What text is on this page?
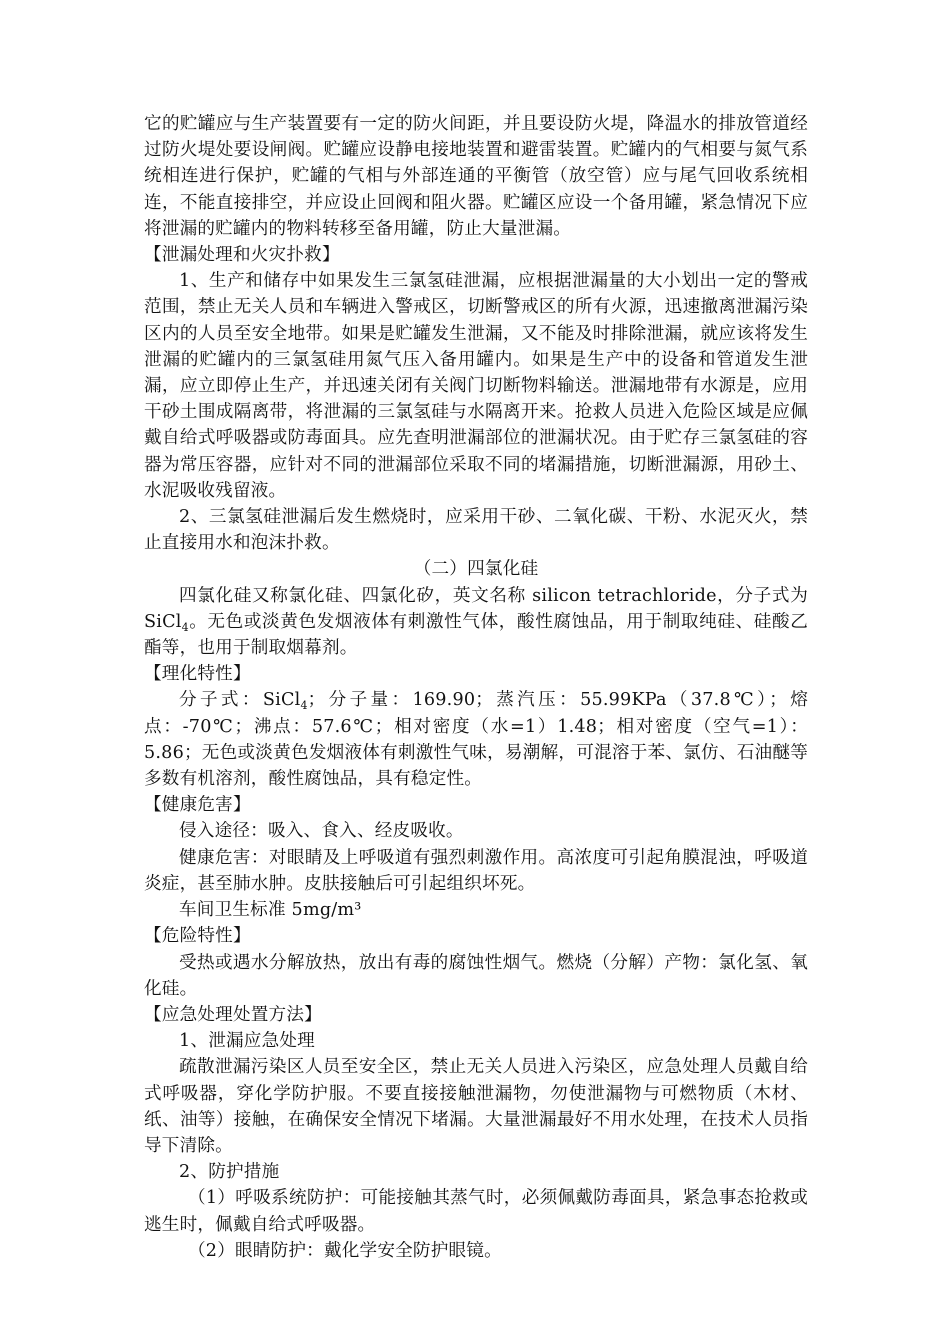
它的贮罐应与生产装置要有一定的防火间距，并且要设防火堤，降温水的排放管道经过防火堤处要设闸阀。贮罐应设静电接地装置和避雷装置。贮罐内的气相要与氮气系统相连进行保护，贮罐的气相与外部连通的平衡管（放空管）应与尾气回收系统相连，不能直接排空，并应设止回阀和阻火器。贮罐区应设一个备用罐，紧急情况下应将泄漏的贮罐内的物料转移至备用罐，防止大量泄漏。

【泄漏处理和火灾扑救】

1、生产和储存中如果发生三氯氢硅泄漏，应根据泄漏量的大小划出一定的警戒范围，禁止无关人员和车辆进入警戒区，切断警戒区的所有火源，迅速撤离泄漏污染区内的人员至安全地带。如果是贮罐发生泄漏，又不能及时排除泄漏，就应该将发生泄漏的贮罐内的三氯氢硅用氮气压入备用罐内。如果是生产中的设备和管道发生泄漏，应立即停止生产，并迅速关闭有关阀门切断物料输送。泄漏地带有水源是，应用干砂土围成隔离带，将泄漏的三氯氢硅与水隔离开来。抢救人员进入危险区域是应佩戴自给式呼吸器或防毒面具。应先查明泄漏部位的泄漏状况。由于贮存三氯氢硅的容器为常压容器，应针对不同的泄漏部位采取不同的堵漏措施，切断泄漏源，用砂土、水泥吸收残留液。

2、三氯氢硅泄漏后发生燃烧时，应采用干砂、二氧化碳、干粉、水泥灭火，禁止直接用水和泡沫扑救。

（二）四氯化硅

四氯化硅又称氯化硅、四氯化矽，英文名称 silicon tetrachloride，分子式为 SiCl$_4$。无色或淡黄色发烟液体有刺激性气体，酸性腐蚀品，用于制取纯硅、硅酸乙酯等，也用于制取烟幕剂。

【理化特性】

分子式：SiCl$_4$；分子量：169.90；蒸汽压：55.99KPa（37.8℃）；熔点：-70℃；沸点：57.6℃；相对密度（水=1）1.48；相对密度（空气=1）：5.86；无色或淡黄色发烟液体有刺激性气味，易潮解，可混溶于苯、氯仿、石油醚等多数有机溶剂，酸性腐蚀品，具有稳定性。

【健康危害】

侵入途径：吸入、食入、经皮吸收。

健康危害：对眼睛及上呼吸道有强烈刺激作用。高浓度可引起角膜混浊，呼吸道炎症，甚至肺水肿。皮肤接触后可引起组织坏死。

车间卫生标准 5mg/m³

【危险特性】

受热或遇水分解放热，放出有毒的腐蚀性烟气。燃烧（分解）产物：氯化氢、氧化硅。

【应急处理处置方法】

1、泄漏应急处理

疏散泄漏污染区人员至安全区，禁止无关人员进入污染区，应急处理人员戴自给式呼吸器，穿化学防护服。不要直接接触泄漏物，勿使泄漏物与可燃物质（木材、纸、油等）接触，在确保安全情况下堵漏。大量泄漏最好不用水处理，在技术人员指导下清除。

2、防护措施

（1）呼吸系统防护：可能接触其蒸气时，必须佩戴防毒面具，紧急事态抢救或逃生时，佩戴自给式呼吸器。

（2）眼睛防护：戴化学安全防护眼镜。
